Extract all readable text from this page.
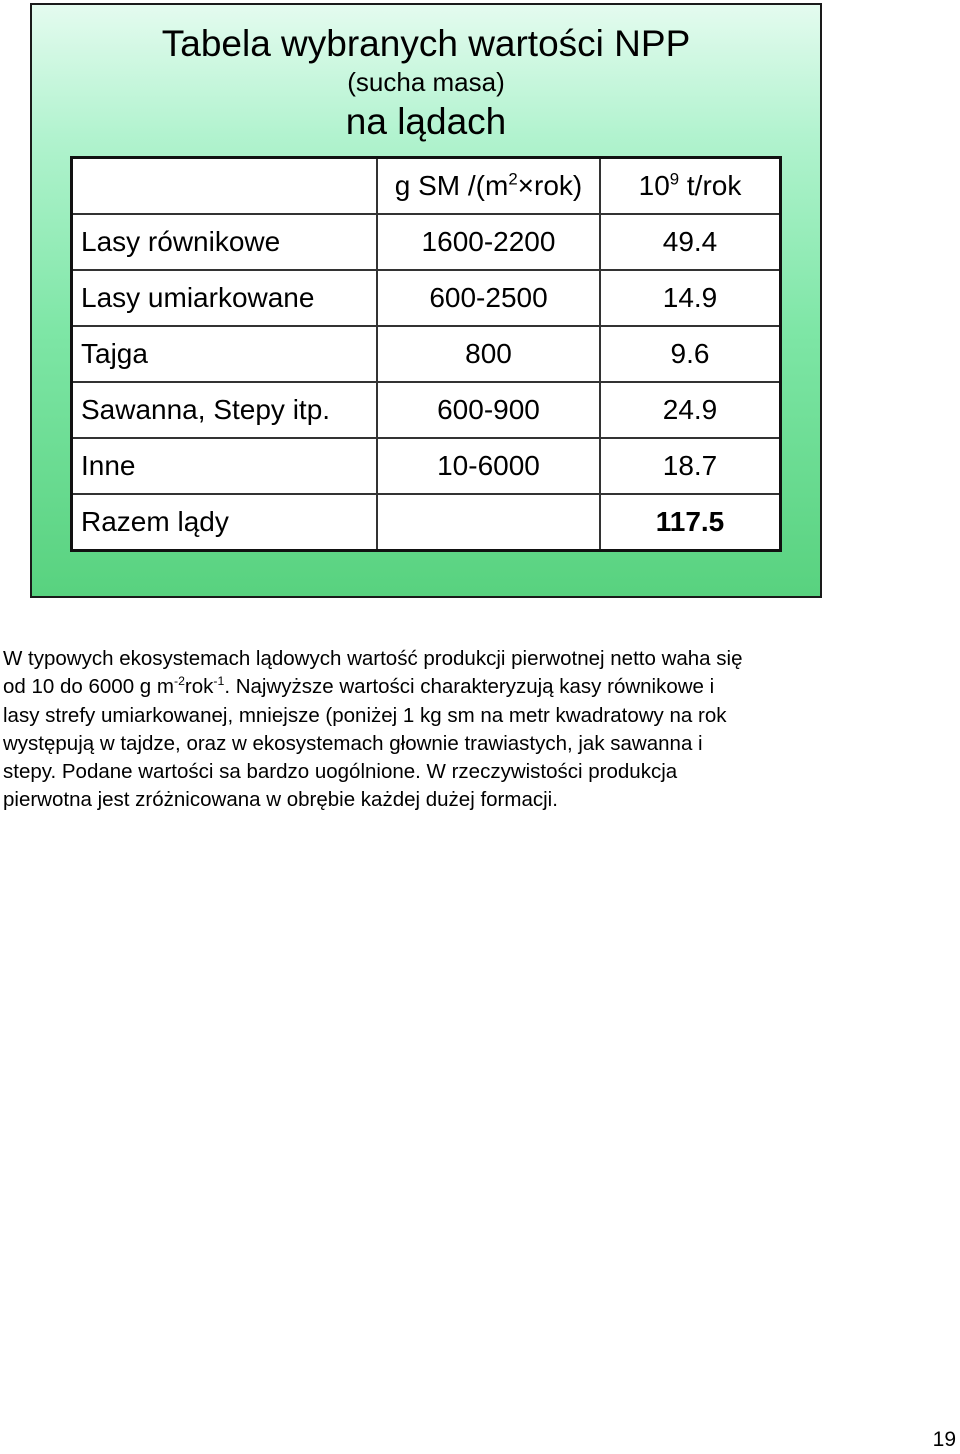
Tabela wybranych wartości NPP
(sucha masa)
na lądach
	g SM $/(m^2\times rok)$	$10^9$ t/rok
Lasy równikowe	1600-2200	49.4
Lasy umiarkowane	600-2500	14.9
Tajga	800	9.6
Sawanna, Stepy itp.	600-900	24.9
Inne	10-6000	18.7
Razem lądy		117.5
W typowych ekosystemach lądowych wartość produkcji pierwotnej netto waha się
od 10 do 6000 g $m^{-2}rok^{-1}$. Najwyższe wartości charakteryzują kasy równikowe i
lasy strefy umiarkowanej, mniejsze (poniżej 1 kg sm na metr kwadratowy na rok
występują w tajdze, oraz w ekosystemach głownie trawiastych, jak sawanna i
stepy. Podane wartości sa bardzo uogólnione. W rzeczywistości produkcja
pierwotna jest zróżnicowana w obrębie każdej dużej formacji.
19
